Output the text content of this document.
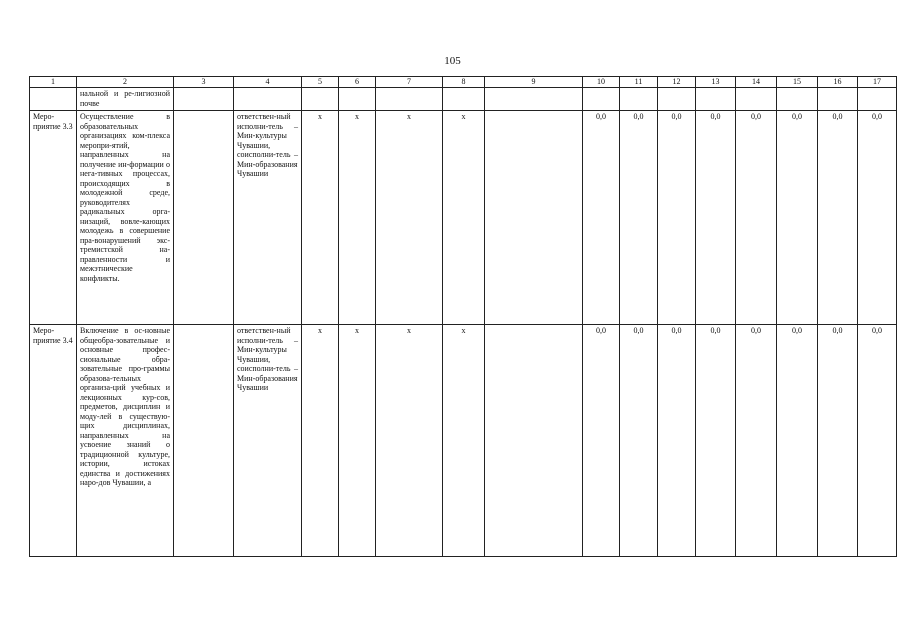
105
1	2	3	4	5	6	7	8	9	10	11	12	13	14	15	16	17
	нальной и ре-лигиозной почве															
Меро-приятие 3.3	Осуществление в образовательных организациях ком-плекса меропри-ятий, направленных на получение ин-формации о нега-тивных процессах, происходящих в молодежной среде, руководителях радикальных орга-низаций, вовле-кающих молодежь в совершение пра-вонарушений экс-тремистской на-правленности и межэтнические конфликты.		ответствен-ный исполни-тель – Мин-культуры Чувашии, соисполни-тель – Мин-образования Чувашии	x	x	x	x		0,0	0,0	0,0	0,0	0,0	0,0	0,0	0,0
Меро-приятие 3.4	Включение в ос-новные общеобра-зовательные и основные профес-сиональные обра-зовательные про-граммы образова-тельных организа-ций учебных и лекционных кур-сов, предметов, дисциплин и моду-лей в существую-щих дисциплинах, направленных на усвоение знаний о традиционной культуре, истории, истоках единства и достижениях наро-дов Чувашии, а		ответствен-ный исполни-тель – Мин-культуры Чувашии, соисполни-тель – Мин-образования Чувашии	x	x	x	x		0,0	0,0	0,0	0,0	0,0	0,0	0,0	0,0
